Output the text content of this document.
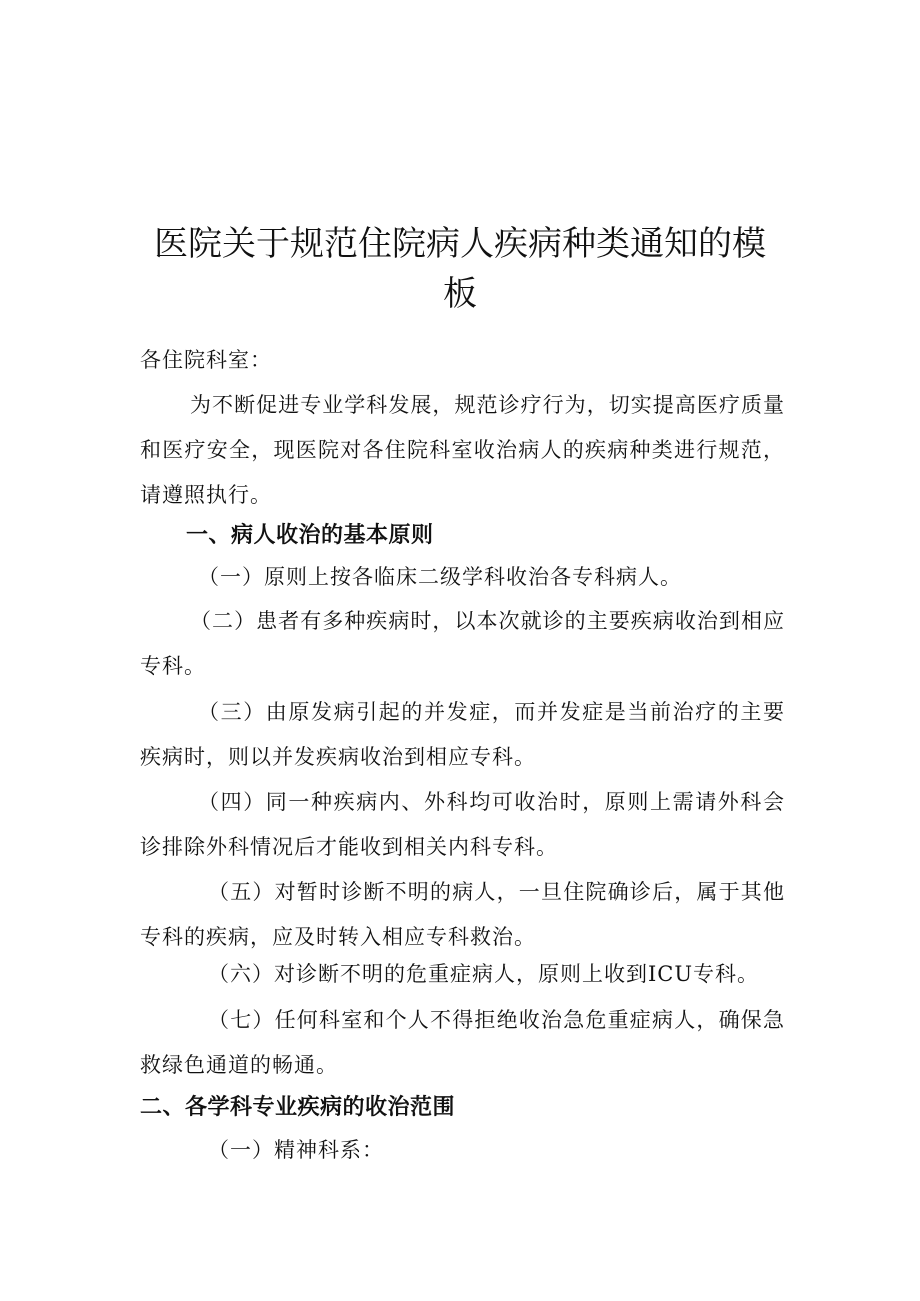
医院关于规范住院病人疾病种类通知的模板

各住院科室：

为不断促进专业学科发展，规范诊疗行为，切实提高医疗质量和医疗安全，现医院对各住院科室收治病人的疾病种类进行规范，请遵照执行。

一、病人收治的基本原则

（一）原则上按各临床二级学科收治各专科病人。

（二）患者有多种疾病时，以本次就诊的主要疾病收治到相应专科。

（三）由原发病引起的并发症，而并发症是当前治疗的主要疾病时，则以并发疾病收治到相应专科。

（四）同一种疾病内、外科均可收治时，原则上需请外科会诊排除外科情况后才能收到相关内科专科。

（五）对暂时诊断不明的病人，一旦住院确诊后，属于其他专科的疾病，应及时转入相应专科救治。

（六）对诊断不明的危重症病人，原则上收到ICU专科。

（七）任何科室和个人不得拒绝收治急危重症病人，确保急救绿色通道的畅通。

二、各学科专业疾病的收治范围

（一）精神科系：
